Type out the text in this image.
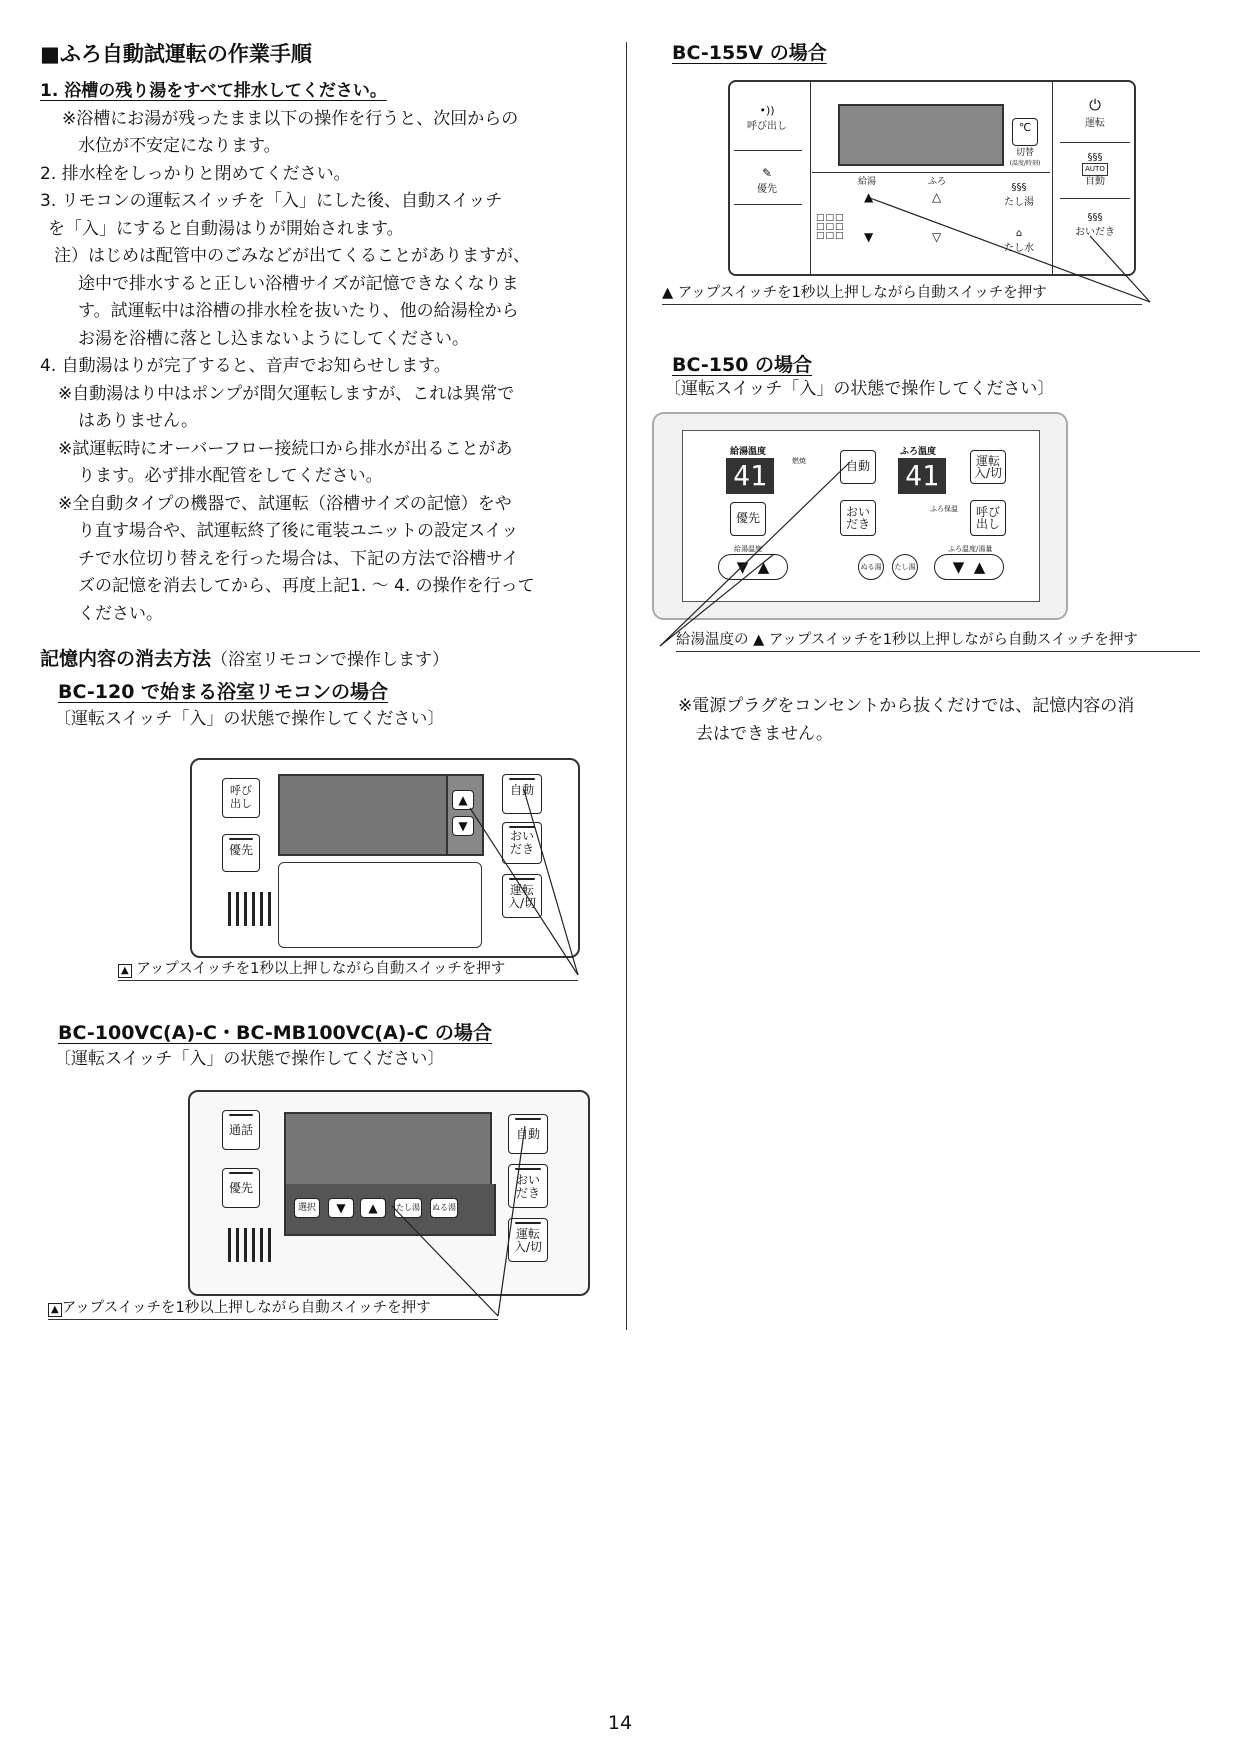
■ふろ自動試運転の作業手順
1. 浴槽の残り湯をすべて排水してください。
※浴槽にお湯が残ったまま以下の操作を行うと、次回からの
水位が不安定になります。
2. 排水栓をしっかりと閉めてください。
3. リモコンの運転スイッチを「入」にした後、自動スイッチ
を「入」にすると自動湯はりが開始されます。
注）はじめは配管中のごみなどが出てくることがありますが、
途中で排水すると正しい浴槽サイズが記憶できなくなりま
す。試運転中は浴槽の排水栓を抜いたり、他の給湯栓から
お湯を浴槽に落とし込まないようにしてください。
4. 自動湯はりが完了すると、音声でお知らせします。
※自動湯はり中はポンプが間欠運転しますが、これは異常で
はありません。
※試運転時にオーバーフロー接続口から排水が出ることがあ
ります。必ず排水配管をしてください。
※全自動タイプの機器で、試運転（浴槽サイズの記憶）をや
り直す場合や、試運転終了後に電装ユニットの設定スイッ
チで水位切り替えを行った場合は、下記の方法で浴槽サイ
ズの記憶を消去してから、再度上記1. ～ 4. の操作を行って
ください。
記憶内容の消去方法（浴室リモコンで操作します）
BC-120 で始まる浴室リモコンの場合
〔運転スイッチ「入」の状態で操作してください〕
呼び
出し
優先
▲
▼
自動
おい
だき
運転
入/切
▲ アップスイッチを1秒以上押しながら自動スイッチを押す
BC-100VC(A)-C・BC-MB100VC(A)-C の場合
〔運転スイッチ「入」の状態で操作してください〕
通話
優先
選択	▼	▲	たし湯 ぬる湯
自動
おい
だき
運転
入/切
▲ アップスイッチを1秒以上押しながら自動スイッチを押す
BC-155V の場合
•))
呼び出し
✎
優先
℃
切替
(温度/時刻)
給湯	ふろ
▲	△
▼	▽
□□□
□□□
□□□
§§§
たし湯
⌂
たし水
⏻
運転
§§§
AUTO
自動
§§§
おいだき
▲ アップスイッチを1秒以上押しながら自動スイッチを押す
BC-150 の場合
〔運転スイッチ「入」の状態で操作してください〕
給湯温度
燃焼
41	自動
ふろ温度
41	運転
入/切
ふろ保温
優先	おい
だき
呼び
出し
給湯温度
▼  ▲	ぬる湯	たし湯
ふろ温度/湯量
▼  ▲
給湯温度の ▲ アップスイッチを1秒以上押しながら自動スイッチを押す
※電源プラグをコンセントから抜くだけでは、記憶内容の消
去はできません。
14
